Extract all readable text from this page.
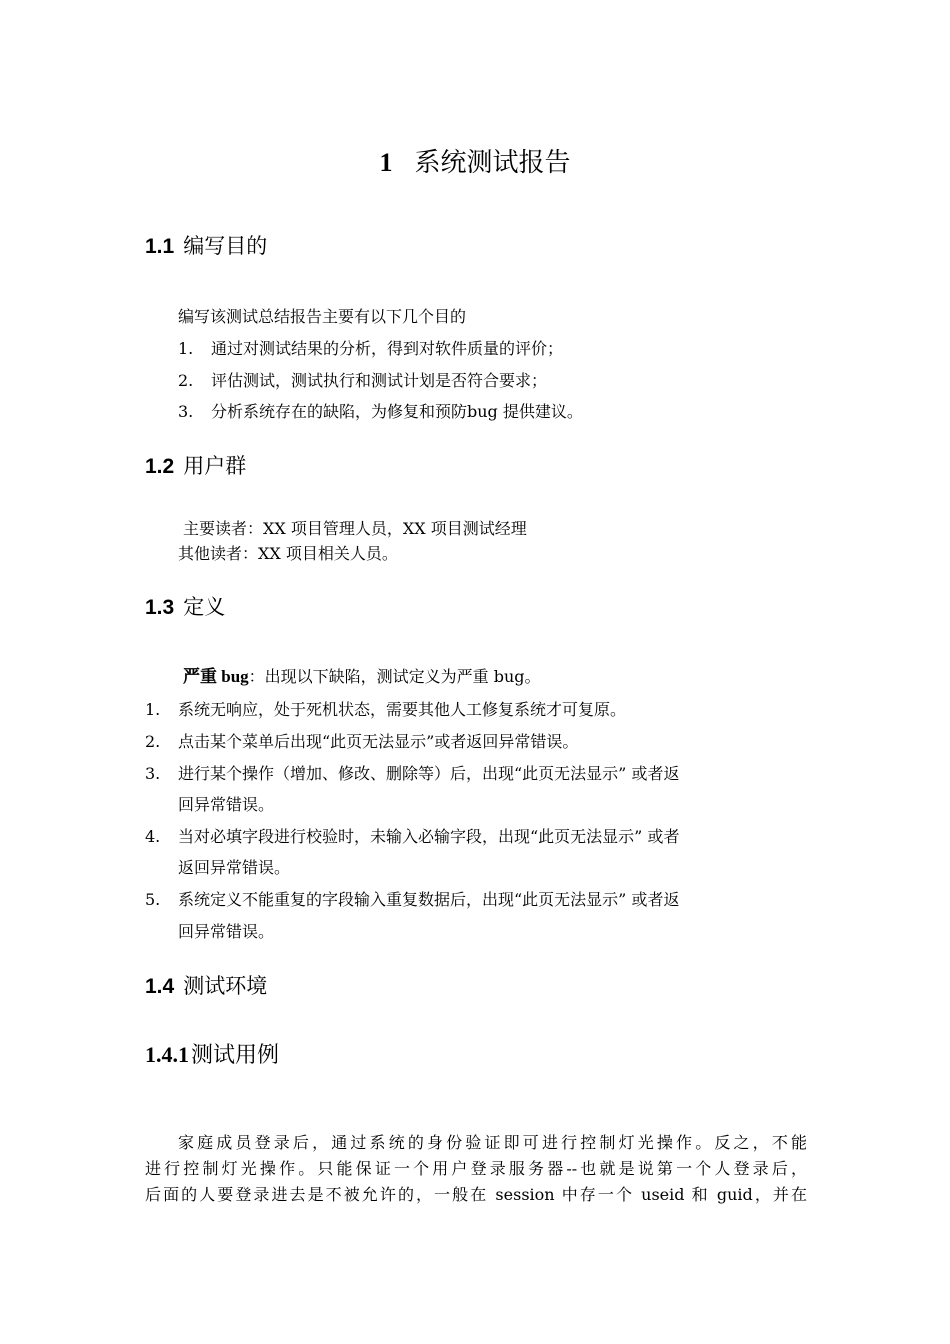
1 系统测试报告
1.1 编写目的
编写该测试总结报告主要有以下几个目的
1. 通过对测试结果的分析，得到对软件质量的评价；
2. 评估测试，测试执行和测试计划是否符合要求；
3. 分析系统存在的缺陷，为修复和预防bug 提供建议。
1.2 用户群
主要读者：XX 项目管理人员，XX 项目测试经理
其他读者：XX 项目相关人员。
1.3 定义
严重 bug：出现以下缺陷，测试定义为严重 bug。
1. 系统无响应，处于死机状态，需要其他人工修复系统才可复原。
2. 点击某个菜单后出现“此页无法显示”或者返回异常错误。
3. 进行某个操作（增加、修改、删除等）后，出现“此页无法显示” 或者返
回异常错误。
4. 当对必填字段进行校验时，未输入必输字段，出现“此页无法显示” 或者
返回异常错误。
5. 系统定义不能重复的字段输入重复数据后，出现“此页无法显示” 或者返
回异常错误。
1.4 测试环境
1.4.1测试用例
家庭成员登录后，通过系统的身份验证即可进行控制灯光操作。反之，不能
进行控制灯光操作。只能保证一个用户登录服务器--也就是说第一个人登录后，
后面的人要登录进去是不被允许的，一般在 session 中存一个 useid 和 guid，并在
